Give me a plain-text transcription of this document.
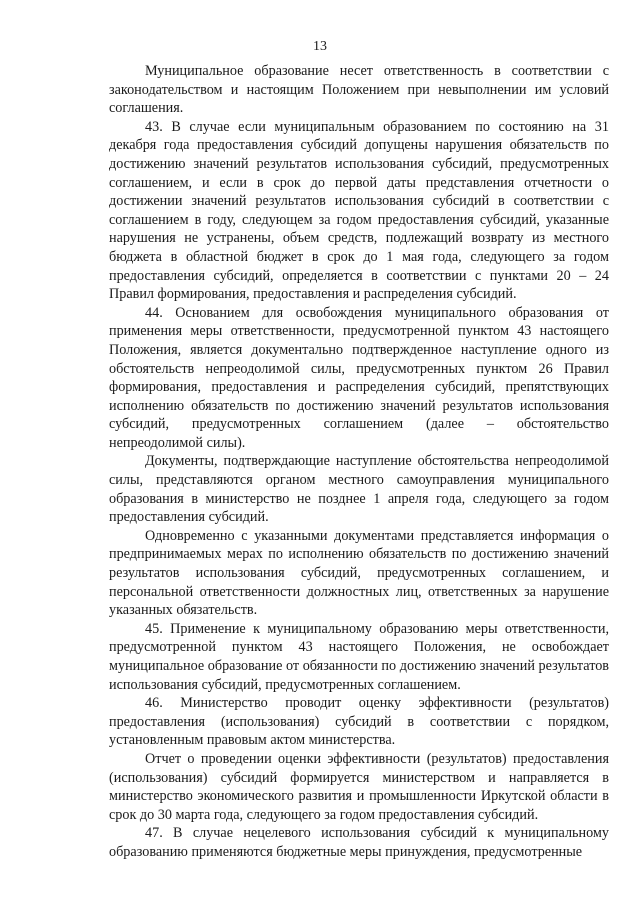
13

Муниципальное образование несет ответственность в соответствии с законодательством и настоящим Положением при невыполнении им условий соглашения.

43. В случае если муниципальным образованием по состоянию на 31 декабря года предоставления субсидий допущены нарушения обязательств по достижению значений результатов использования субсидий, предусмотренных соглашением, и если в срок до первой даты представления отчетности о достижении значений результатов использования субсидий в соответствии с соглашением в году, следующем за годом предоставления субсидий, указанные нарушения не устранены, объем средств, подлежащий возврату из местного бюджета в областной бюджет в срок до 1 мая года, следующего за годом предоставления субсидий, определяется в соответствии с пунктами 20 – 24 Правил формирования, предоставления и распределения субсидий.

44. Основанием для освобождения муниципального образования от применения меры ответственности, предусмотренной пунктом 43 настоящего Положения, является документально подтвержденное наступление одного из обстоятельств непреодолимой силы, предусмотренных пунктом 26 Правил формирования, предоставления и распределения субсидий, препятствующих исполнению обязательств по достижению значений результатов использования субсидий, предусмотренных соглашением (далее – обстоятельство непреодолимой силы).

Документы, подтверждающие наступление обстоятельства непреодолимой силы, представляются органом местного самоуправления муниципального образования в министерство не позднее 1 апреля года, следующего за годом предоставления субсидий.

Одновременно с указанными документами представляется информация о предпринимаемых мерах по исполнению обязательств по достижению значений результатов использования субсидий, предусмотренных соглашением, и персональной ответственности должностных лиц, ответственных за нарушение указанных обязательств.

45. Применение к муниципальному образованию меры ответственности, предусмотренной пунктом 43 настоящего Положения, не освобождает муниципальное образование от обязанности по достижению значений результатов использования субсидий, предусмотренных соглашением.

46. Министерство проводит оценку эффективности (результатов) предоставления (использования) субсидий в соответствии с порядком, установленным правовым актом министерства.

Отчет о проведении оценки эффективности (результатов) предоставления (использования) субсидий формируется министерством и направляется в министерство экономического развития и промышленности Иркутской области в срок до 30 марта года, следующего за годом предоставления субсидий.

47. В случае нецелевого использования субсидий к муниципальному образованию применяются бюджетные меры принуждения, предусмотренные
